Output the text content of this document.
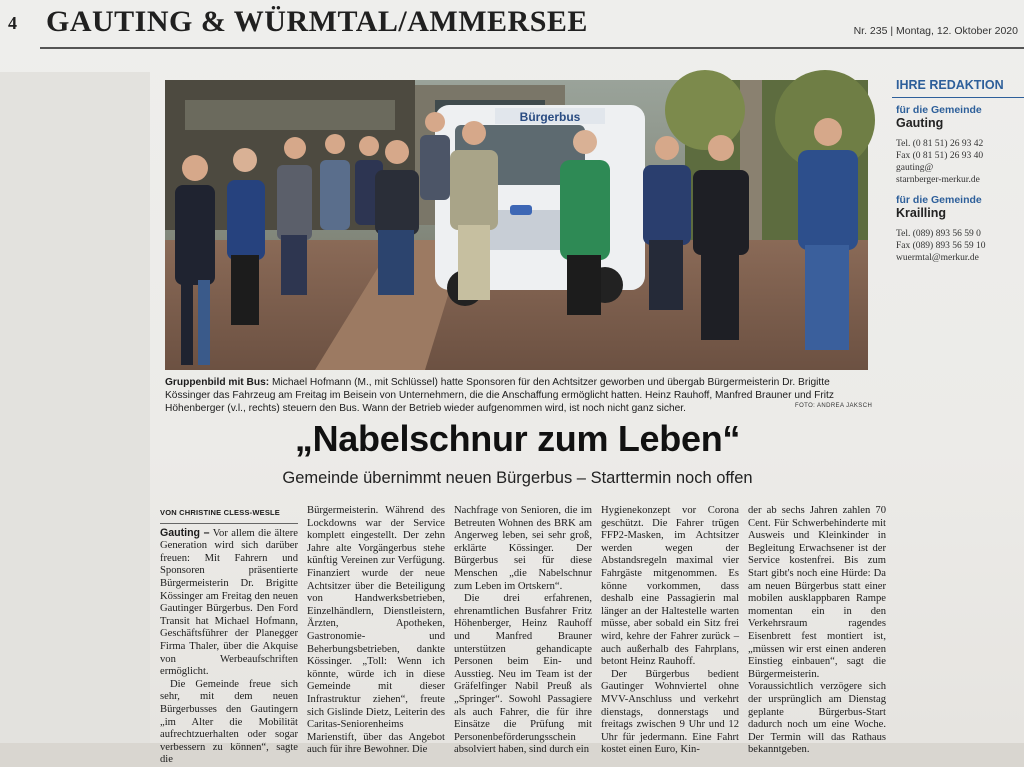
4 GAUTING & WÜRMTAL/AMMERSEE	Nr. 235 | Montag, 12. Oktober 2020
IHRE REDAKTION
für die Gemeinde
Gauting
Tel. (0 81 51) 26 93 42
Fax (0 81 51) 26 93 40
gauting@
starnberger-merkur.de
für die Gemeinde
Krailling
Tel. (089) 893 56 59 0
Fax (089) 893 56 59 10
wuermtal@merkur.de
Bürgerbus
Gruppenbild mit Bus: Michael Hofmann (M., mit Schlüssel) hatte Sponsoren für den Achtsitzer geworben und übergab Bürgermeisterin Dr. Brigitte Kössinger das Fahrzeug am Freitag im Beisein von Unternehmern, die die Anschaffung ermöglicht hatten. Heinz Rauhoff, Manfred Brauner und Fritz Höhenberger (v.l., rechts) steuern den Bus. Wann der Betrieb wieder aufgenommen wird, ist noch nicht ganz sicher.	FOTO: ANDREA JAKSCH
„Nabelschnur zum Leben“
Gemeinde übernimmt neuen Bürgerbus – Starttermin noch offen
VON CHRISTINE CLESS-WESLE

Gauting – Vor allem die ältere Generation wird sich darüber freuen: Mit Fahrern und Sponsoren präsentierte Bürgermeisterin Dr. Brigitte Kössinger am Freitag den neuen Gautinger Bürgerbus. Den Ford Transit hat Michael Hofmann, Geschäftsführer der Planegger Firma Thaler, über die Akquise von Werbeaufschriften ermöglicht.

Die Gemeinde freue sich sehr, mit dem neuen Bürgerbusses den Gautingern „im Alter die Mobilität aufrechtzuerhalten oder sogar verbessern zu können“, sagte die

Bürgermeisterin. Während des Lockdowns war der Service komplett eingestellt. Der zehn Jahre alte Vorgängerbus stehe künftig Vereinen zur Verfügung. Finanziert wurde der neue Achtsitzer über die Beteiligung von Handwerksbetrieben, Einzelhändlern, Dienstleistern, Ärzten, Apotheken, Gastronomie- und Beherbungsbetrieben, dankte Kössinger. „Toll: Wenn ich könnte, würde ich in diese Gemeinde mit dieser Infrastruktur ziehen“, freute sich Gislinde Dietz, Leiterin des Caritas-Seniorenheims Marienstift, über das Angebot auch für ihre Bewohner. Die

Nachfrage von Senioren, die im Betreuten Wohnen des BRK am Angerweg leben, sei sehr groß, erklärte Kössinger. Der Bürgerbus sei für diese Menschen „die Nabelschnur zum Leben im Ortskern“.

Die drei erfahrenen, ehrenamtlichen Busfahrer Fritz Höhenberger, Heinz Rauhoff und Manfred Brauner unterstützen gehandicapte Personen beim Ein- und Ausstieg. Neu im Team ist der Gräfelfinger Nabil Preuß als „Springer“. Sowohl Passagiere als auch Fahrer, die für ihre Einsätze die Prüfung mit Personenbeförderungsschein absolviert haben, sind durch ein

Hygienekonzept vor Corona geschützt. Die Fahrer trügen FFP2-Masken, im Achtsitzer werden wegen der Abstandsregeln maximal vier Fahrgäste mitgenommen. Es könne vorkommen, dass deshalb eine Passagierin mal länger an der Haltestelle warten müsse, aber sobald ein Sitz frei wird, kehre der Fahrer zurück – auch außerhalb des Fahrplans, betont Heinz Rauhoff.

Der Bürgerbus bedient Gautinger Wohnviertel ohne MVV-Anschluss und verkehrt dienstags, donnerstags und freitags zwischen 9 Uhr und 12 Uhr für jedermann. Eine Fahrt kostet einen Euro, Kin-

der ab sechs Jahren zahlen 70 Cent. Für Schwerbehinderte mit Ausweis und Kleinkinder in Begleitung Erwachsener ist der Service kostenfrei. Bis zum Start gibt's noch eine Hürde: Da am neuen Bürgerbus statt einer mobilen ausklappbaren Rampe momentan ein in den Verkehrsraum ragendes Eisenbrett fest montiert ist, „müssen wir erst einen anderen Einstieg einbauen“, sagt die Bürgermeisterin. Voraussichtlich verzögere sich der ursprünglich am Dienstag geplante Bürgerbus-Start dadurch noch um eine Woche. Der Termin will das Rathaus bekanntgeben.
